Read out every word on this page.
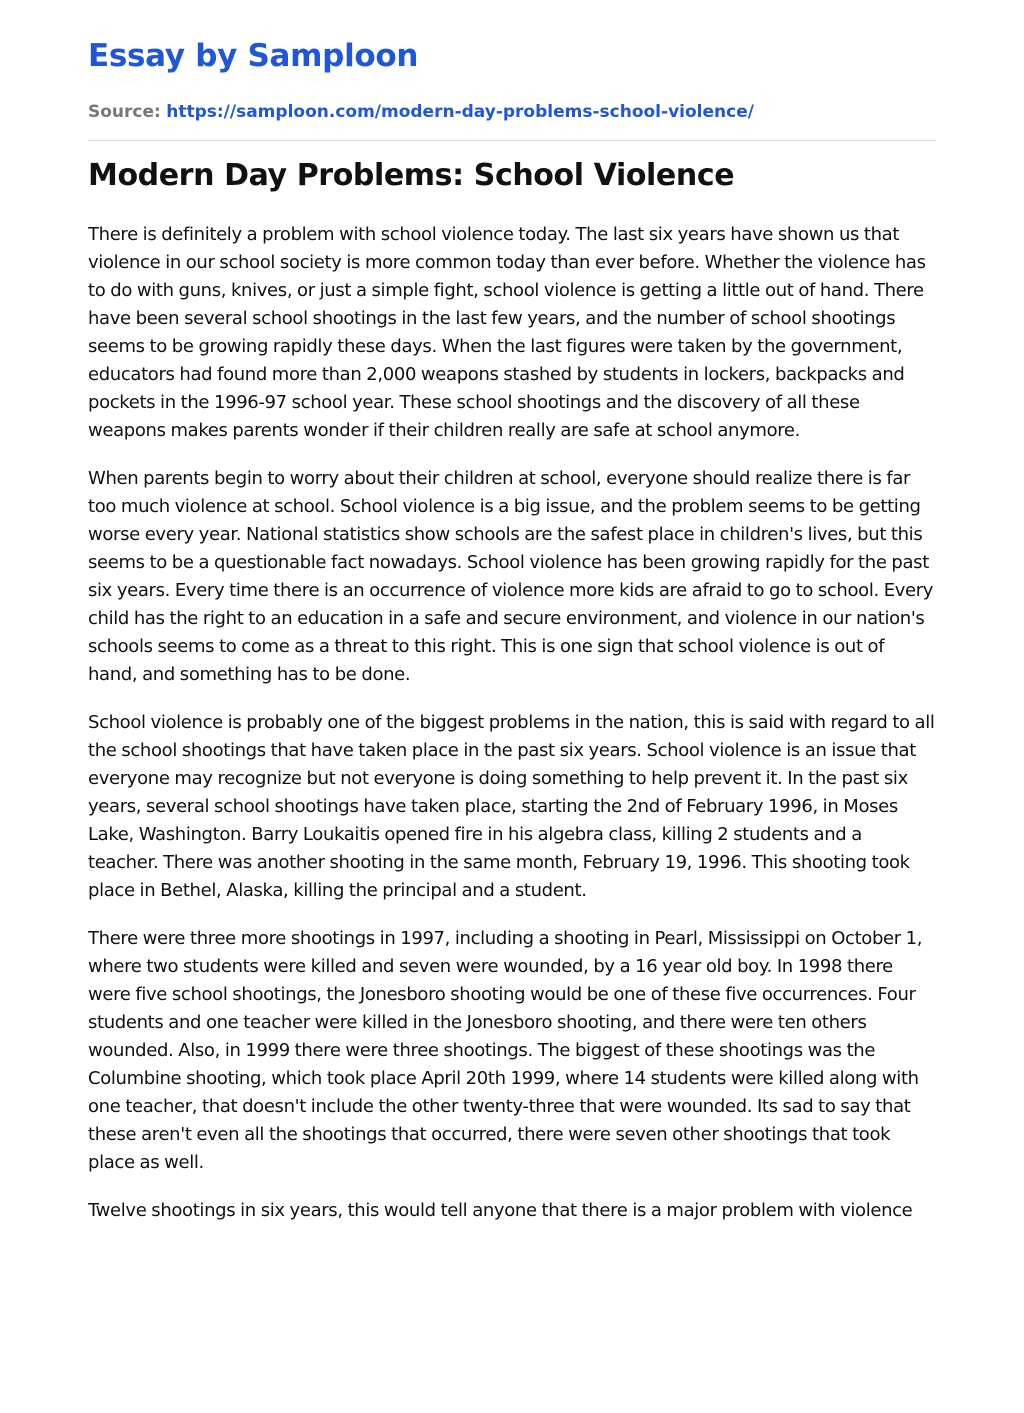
Essay by Samploon
Source: https://samploon.com/modern-day-problems-school-violence/
Modern Day Problems: School Violence

There is definitely a problem with school violence today. The last six years have shown us that violence in our school society is more common today than ever before. Whether the violence has to do with guns, knives, or just a simple fight, school violence is getting a little out of hand. There have been several school shootings in the last few years, and the number of school shootings seems to be growing rapidly these days. When the last figures were taken by the government, educators had found more than 2,000 weapons stashed by students in lockers, backpacks and pockets in the 1996-97 school year. These school shootings and the discovery of all these weapons makes parents wonder if their children really are safe at school anymore.

When parents begin to worry about their children at school, everyone should realize there is far too much violence at school. School violence is a big issue, and the problem seems to be getting worse every year. National statistics show schools are the safest place in children's lives, but this seems to be a questionable fact nowadays. School violence has been growing rapidly for the past six years. Every time there is an occurrence of violence more kids are afraid to go to school. Every child has the right to an education in a safe and secure environment, and violence in our nation's schools seems to come as a threat to this right. This is one sign that school violence is out of hand, and something has to be done.

School violence is probably one of the biggest problems in the nation, this is said with regard to all the school shootings that have taken place in the past six years. School violence is an issue that everyone may recognize but not everyone is doing something to help prevent it. In the past six years, several school shootings have taken place, starting the 2nd of February 1996, in Moses Lake, Washington. Barry Loukaitis opened fire in his algebra class, killing 2 students and a teacher. There was another shooting in the same month, February 19, 1996. This shooting took place in Bethel, Alaska, killing the principal and a student.

There were three more shootings in 1997, including a shooting in Pearl, Mississippi on October 1, where two students were killed and seven were wounded, by a 16 year old boy. In 1998 there were five school shootings, the Jonesboro shooting would be one of these five occurrences. Four students and one teacher were killed in the Jonesboro shooting, and there were ten others wounded. Also, in 1999 there were three shootings. The biggest of these shootings was the Columbine shooting, which took place April 20th 1999, where 14 students were killed along with one teacher, that doesn't include the other twenty-three that were wounded. Its sad to say that these aren't even all the shootings that occurred, there were seven other shootings that took place as well.

Twelve shootings in six years, this would tell anyone that there is a major problem with violence
